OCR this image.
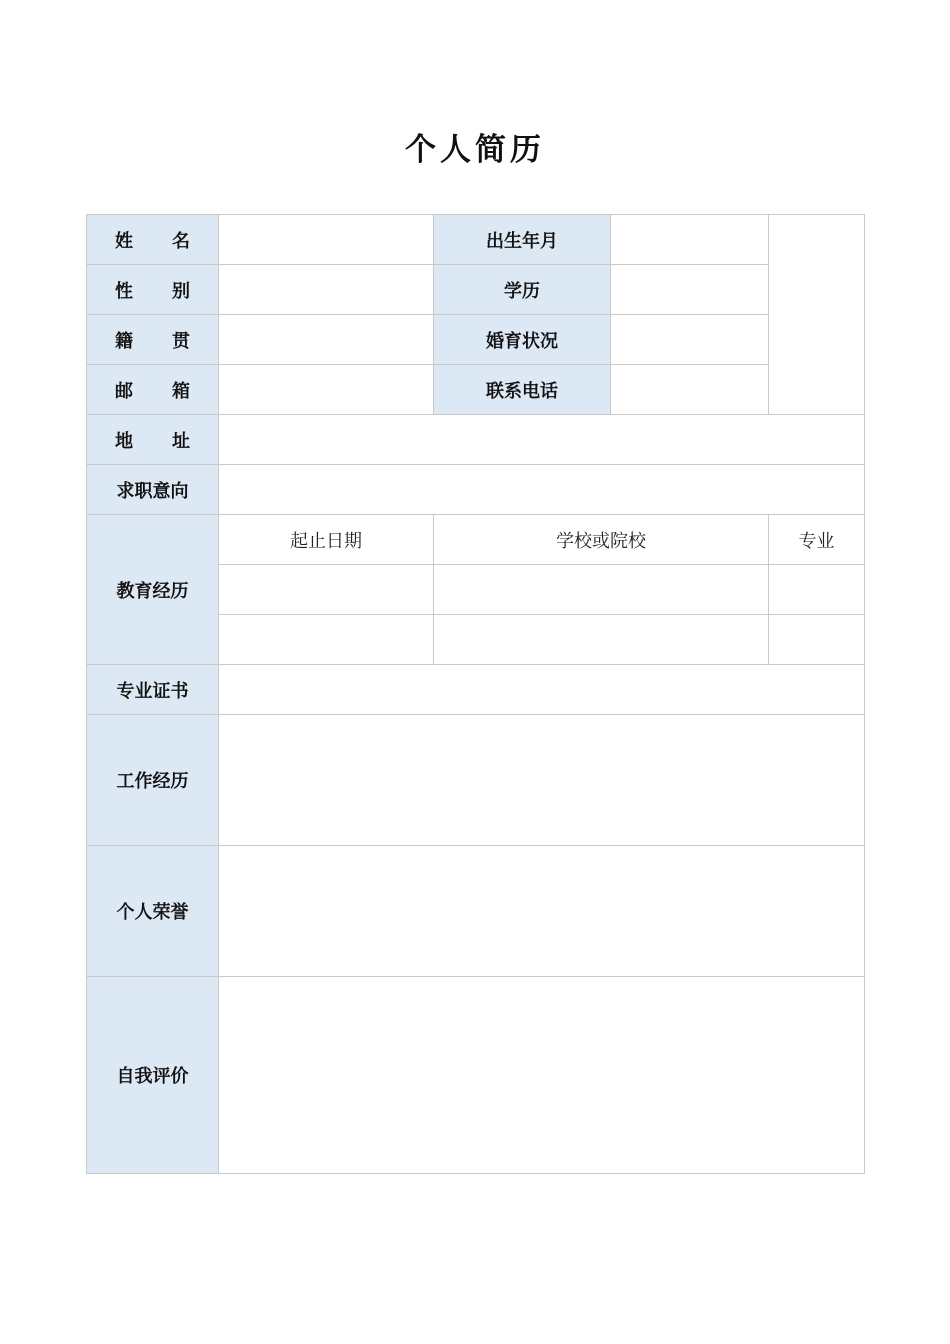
个人简历
姓 名		出生年月		

性 别		学历		

籍 贯		婚育状况		

邮 箱		联系电话		

地 址				

求职意向				
教育经历	起止日期	学校或院校		专业

专业证书				
工作经历				
个人荣誉				
自我评价				
